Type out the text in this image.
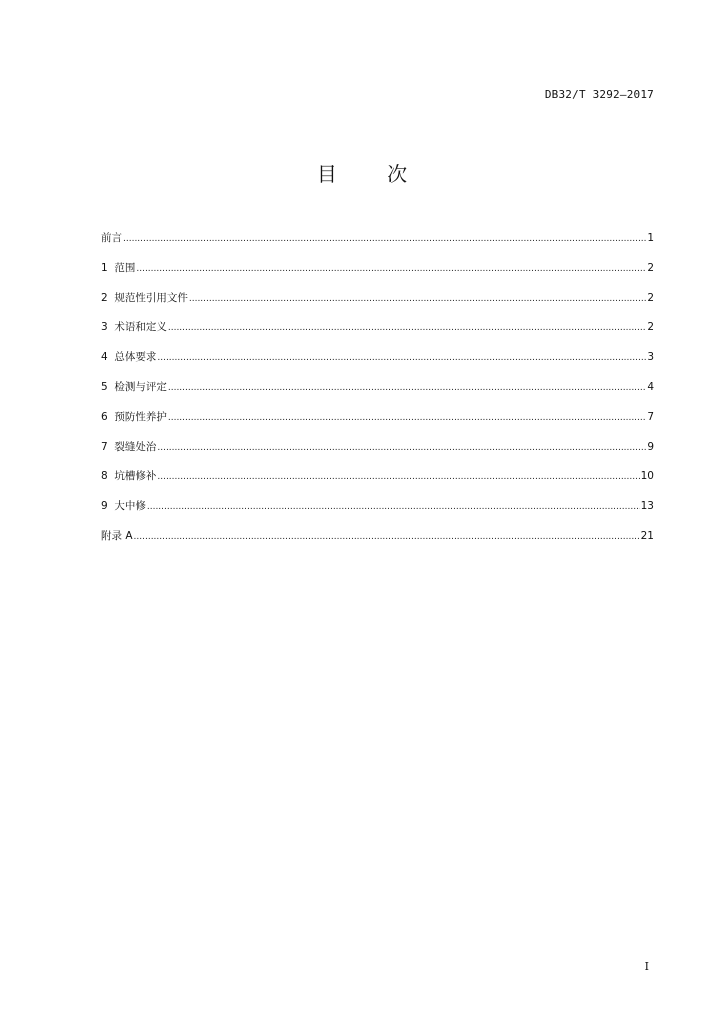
DB32/T 3292—2017
目 次
前言 .....	1
1 范围 .....	2
2 规范性引用文件 .....	2
3 术语和定义 .....	2
4 总体要求 .....	3
5 检测与评定 .....	4
6 预防性养护 .....	7
7 裂缝处治 .....	9
8 坑槽修补 .....	10
9 大中修 .....	13
附录 A .....	21
I
